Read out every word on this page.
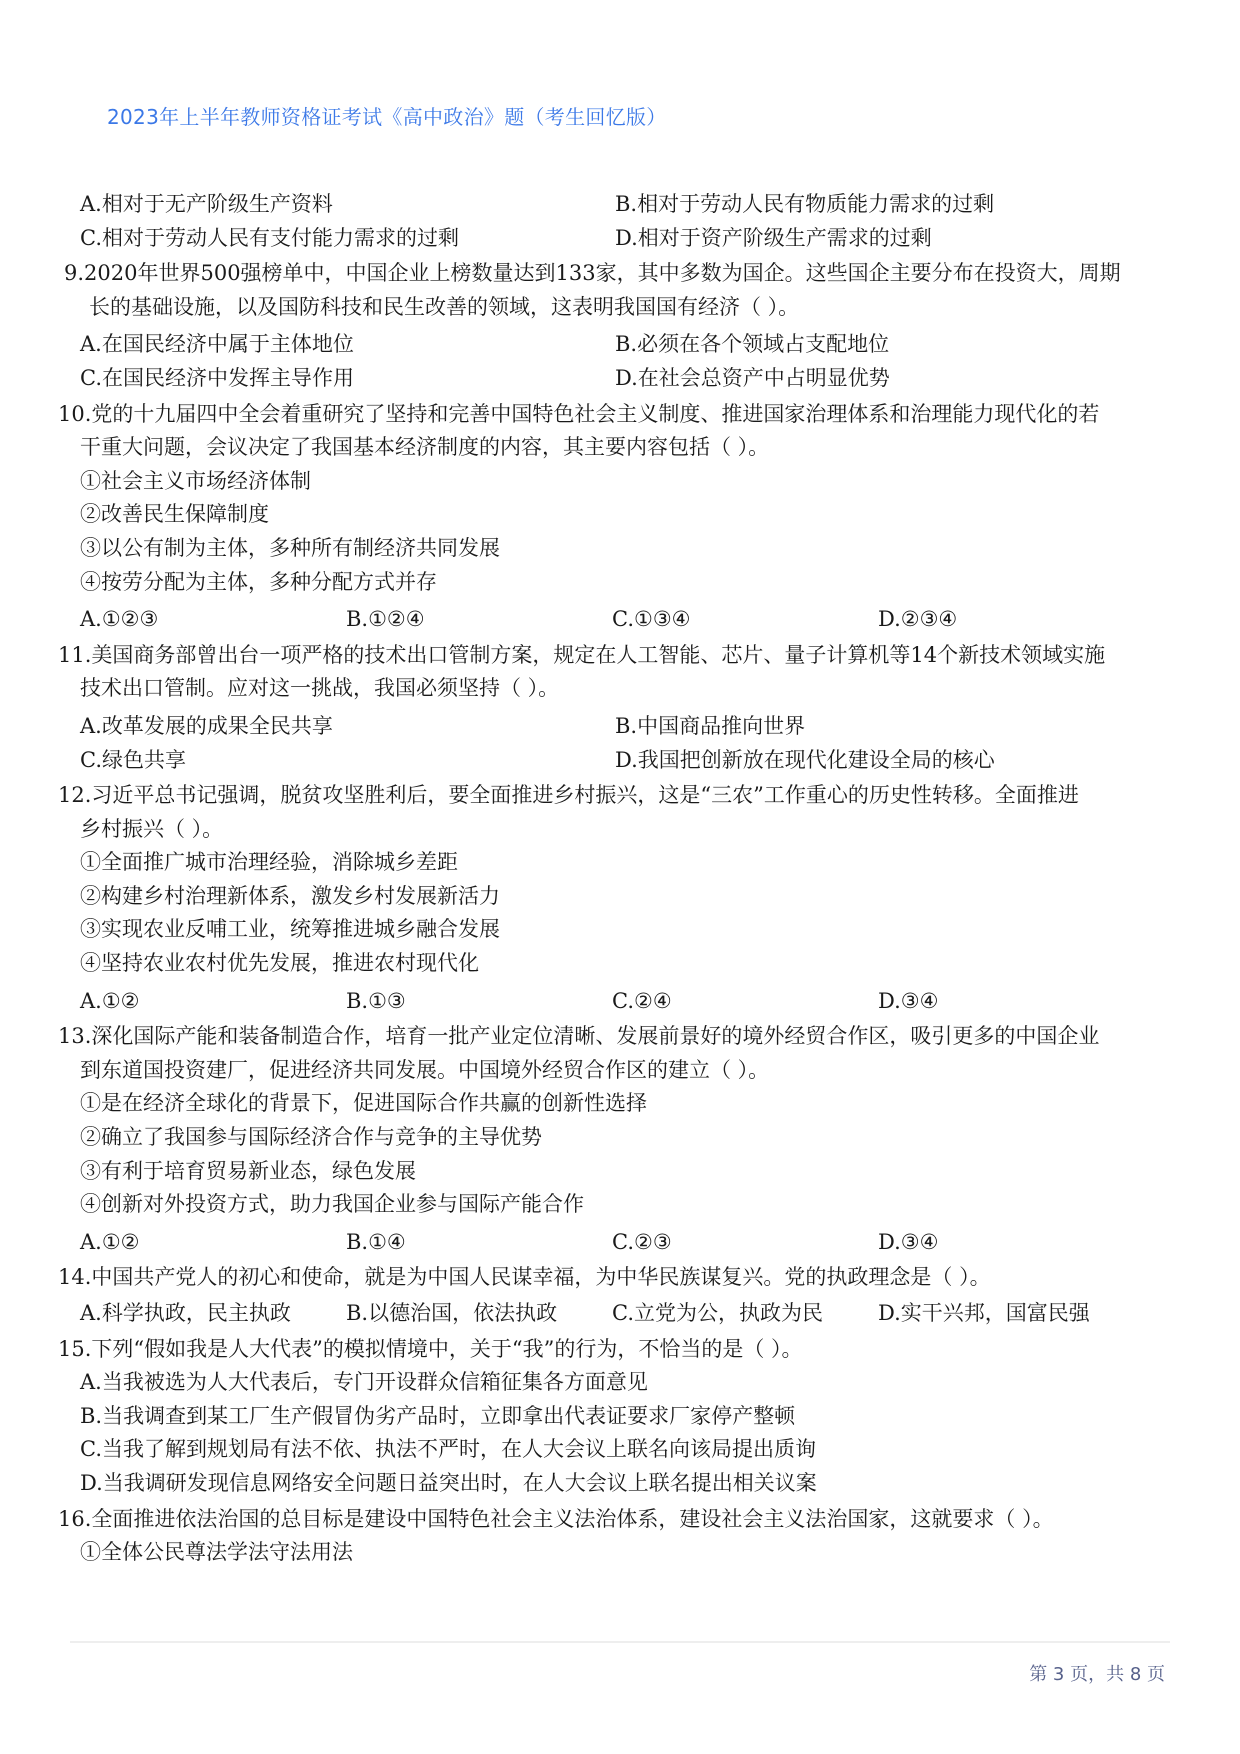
2023年上半年教师资格证考试《高中政治》题（考生回忆版）
A.相对于无产阶级生产资料	B.相对于劳动人民有物质能力需求的过剩
C.相对于劳动人民有支付能力需求的过剩	D.相对于资产阶级生产需求的过剩
9.2020年世界500强榜单中，中国企业上榜数量达到133家，其中多数为国企。这些国企主要分布在投资大，周期
长的基础设施，以及国防科技和民生改善的领域，这表明我国国有经济（ ）。
A.在国民经济中属于主体地位	B.必须在各个领域占支配地位
C.在国民经济中发挥主导作用	D.在社会总资产中占明显优势
10.党的十九届四中全会着重研究了坚持和完善中国特色社会主义制度、推进国家治理体系和治理能力现代化的若
干重大问题，会议决定了我国基本经济制度的内容，其主要内容包括（ ）。
①社会主义市场经济体制
②改善民生保障制度
③以公有制为主体，多种所有制经济共同发展
④按劳分配为主体，多种分配方式并存
A.①②③	B.①②④	C.①③④	D.②③④
11.美国商务部曾出台一项严格的技术出口管制方案，规定在人工智能、芯片、量子计算机等14个新技术领域实施
技术出口管制。应对这一挑战，我国必须坚持（ ）。
A.改革发展的成果全民共享	B.中国商品推向世界
C.绿色共享	D.我国把创新放在现代化建设全局的核心
12.习近平总书记强调，脱贫攻坚胜利后，要全面推进乡村振兴，这是“三农”工作重心的历史性转移。全面推进
乡村振兴（ ）。
①全面推广城市治理经验，消除城乡差距
②构建乡村治理新体系，激发乡村发展新活力
③实现农业反哺工业，统筹推进城乡融合发展
④坚持农业农村优先发展，推进农村现代化
A.①②	B.①③	C.②④	D.③④
13.深化国际产能和装备制造合作，培育一批产业定位清晰、发展前景好的境外经贸合作区，吸引更多的中国企业
到东道国投资建厂，促进经济共同发展。中国境外经贸合作区的建立（ ）。
①是在经济全球化的背景下，促进国际合作共赢的创新性选择
②确立了我国参与国际经济合作与竞争的主导优势
③有利于培育贸易新业态，绿色发展
④创新对外投资方式，助力我国企业参与国际产能合作
A.①②	B.①④	C.②③	D.③④
14.中国共产党人的初心和使命，就是为中国人民谋幸福，为中华民族谋复兴。党的执政理念是（ ）。
A.科学执政，民主执政	B.以德治国，依法执政	C.立党为公，执政为民	D.实干兴邦，国富民强
15.下列“假如我是人大代表”的模拟情境中，关于“我”的行为，不恰当的是（ ）。
A.当我被选为人大代表后，专门开设群众信箱征集各方面意见
B.当我调查到某工厂生产假冒伪劣产品时，立即拿出代表证要求厂家停产整顿
C.当我了解到规划局有法不依、执法不严时，在人大会议上联名向该局提出质询
D.当我调研发现信息网络安全问题日益突出时，在人大会议上联名提出相关议案
16.全面推进依法治国的总目标是建设中国特色社会主义法治体系，建设社会主义法治国家，这就要求（ ）。
①全体公民尊法学法守法用法
第 3 页，共 8 页
